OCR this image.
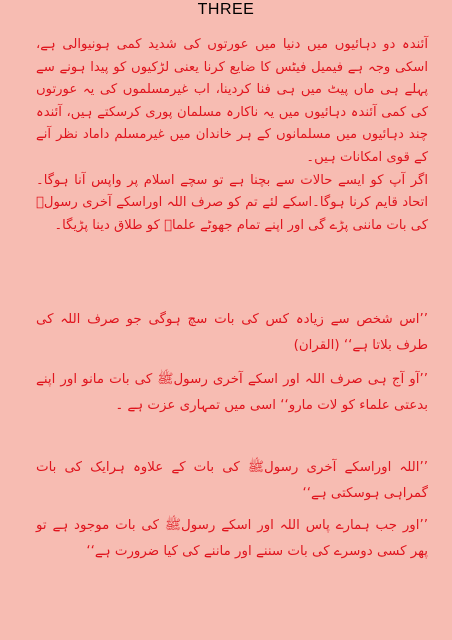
THREE

آئندہ دو دہائیوں میں دنیا میں عورتوں کی شدید کمی ہونیوالی ہے، اسکی وجہ ہے فیمیل فیٹس کا ضایع کرنا یعنی لڑکیوں کو پیدا ہونے سے پہلے ہی ماں پیٹ میں ہی فنا کردینا، اب غیرمسلموں کی یہ عورتوں کی کمی آئندہ دہائیوں میں یہ ناکارہ مسلمان پوری کرسکتے ہیں، آئندہ چند دہائیوں میں مسلمانوں کے ہر خاندان میں غیرمسلم داماد نظر آنے کے قوی امکانات ہیں۔

اگر آپ کو ایسے حالات سے بچنا ہے تو سچے اسلام پر واپس آنا ہوگا۔ اتحاد قایم کرنا ہوگا۔اسکے لئے تم کو صرف اللہ اوراسکے آخری رسولﷺ کی بات ماننی پڑے گی اور اپنے تمام جھوٹے علماؑ کو طلاق دینا پڑیگا۔

’’اس شخص سے زیادہ کس کی بات سچ ہوگی جو صرف اللہ کی طرف بلاتا ہے‘‘ (القران)
’’آو آج ہی صرف اللہ اور اسکے آخری رسولﷺ کی بات مانو اور اپنے بدعتی علماء کو لات مارو‘‘ اسی میں تمہاری عزت ہے ۔
’’اللہ اوراسکے آخری رسولﷺ کی بات کے علاوہ ہرایک کی بات گمراہی ہوسکتی ہے‘‘
’’اور جب ہمارے پاس اللہ اور اسکے رسولﷺ کی بات موجود ہے تو پھر کسی دوسرے کی بات سننے اور ماننے کی کیا ضرورت ہے‘‘
